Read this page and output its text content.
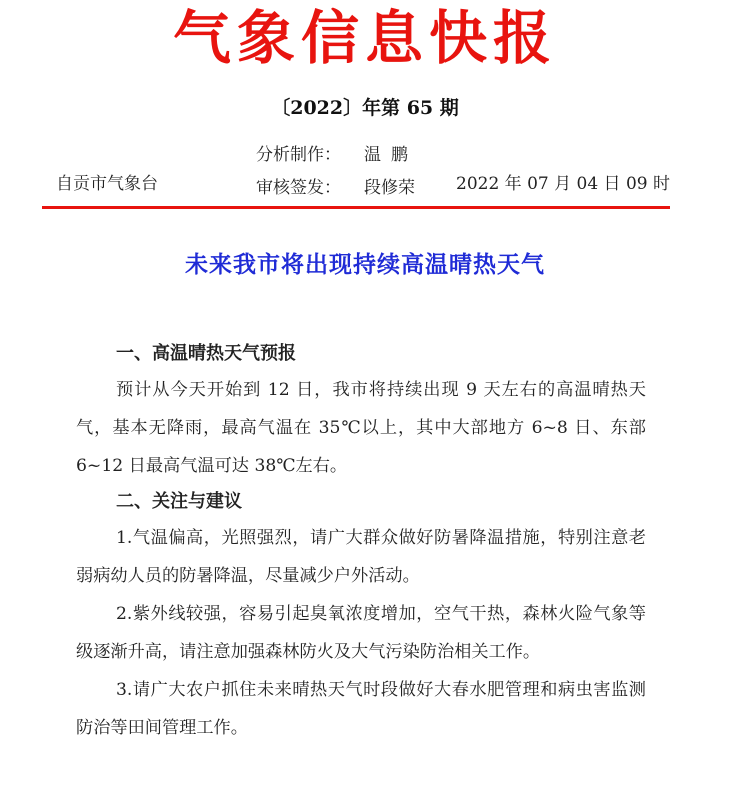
气象信息快报
〔2022〕年第 65 期
自贡市气象台
分析制作： 温鹏
审核签发： 段修荣 2022 年 07 月 04 日 09 时
未来我市将出现持续高温晴热天气

一、高温晴热天气预报

预计从今天开始到 12 日，我市将持续出现 9 天左右的高温晴热天气，基本无降雨，最高气温在 35℃以上，其中大部地方 6~8 日、东部 6~12 日最高气温可达 38℃左右。

二、关注与建议

1.气温偏高，光照强烈，请广大群众做好防暑降温措施，特别注意老弱病幼人员的防暑降温，尽量减少户外活动。

2.紫外线较强，容易引起臭氧浓度增加，空气干热，森林火险气象等级逐渐升高，请注意加强森林防火及大气污染防治相关工作。

3.请广大农户抓住未来晴热天气时段做好大春水肥管理和病虫害监测防治等田间管理工作。
